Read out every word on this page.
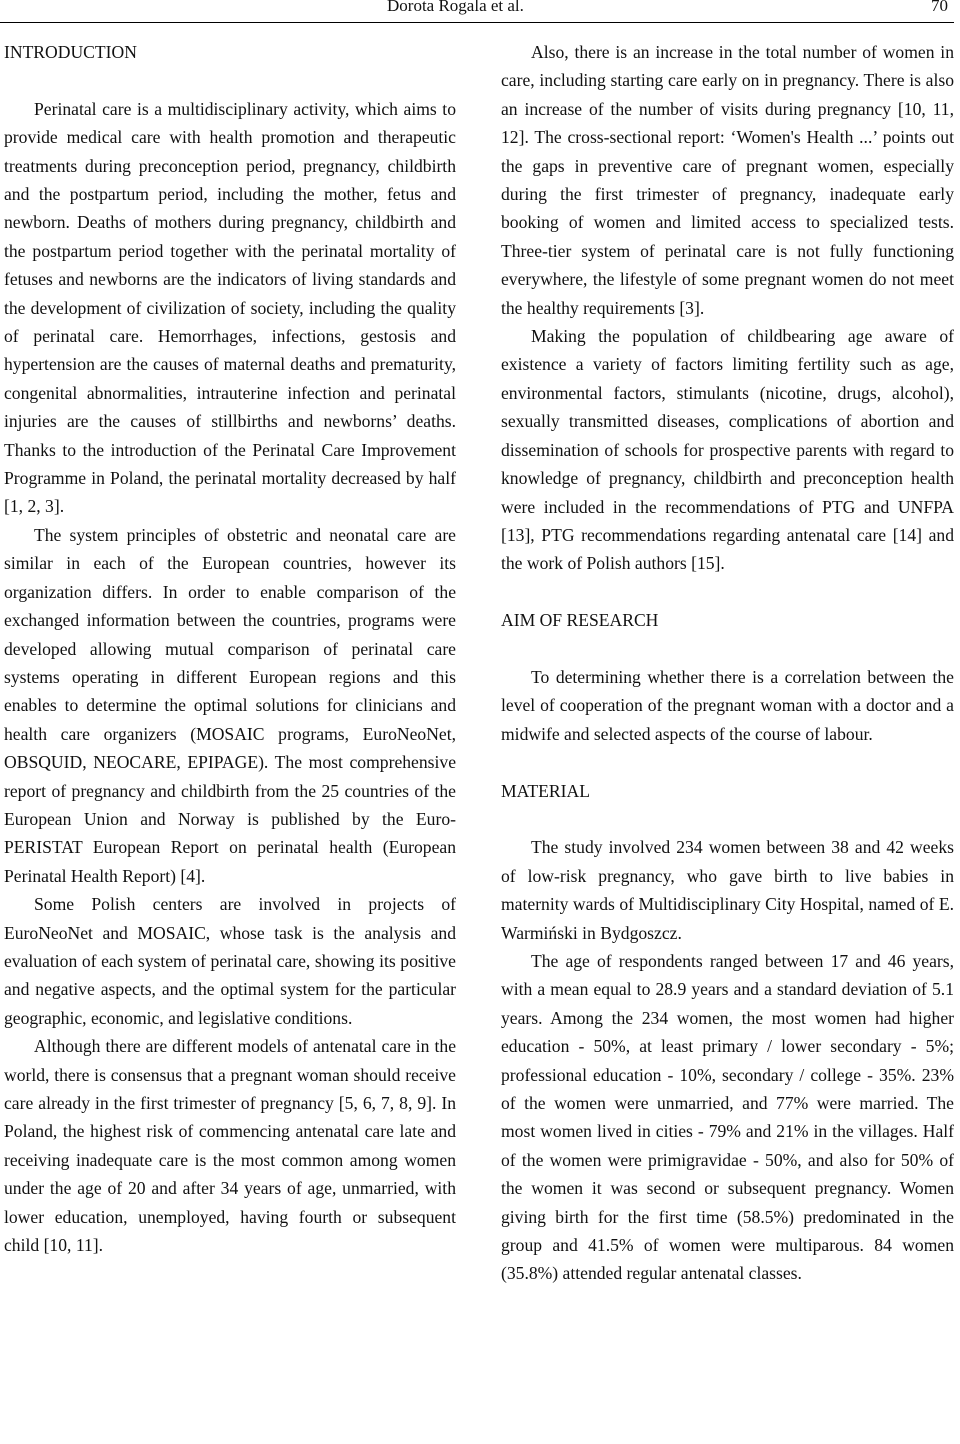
Dorota Rogala et al.	70
INTRODUCTION

Perinatal care is a multidisciplinary activity, which aims to provide medical care with health promotion and therapeutic treatments during preconception period, pregnancy, childbirth and the postpartum period, including the mother, fetus and newborn. Deaths of mothers during pregnancy, childbirth and the postpartum period together with the perinatal mortality of fetuses and newborns are the indicators of living standards and the development of civilization of society, including the quality of perinatal care. Hemorrhages, infections, gestosis and hypertension are the causes of maternal deaths and prematurity, congenital abnormalities, intrauterine infection and perinatal injuries are the causes of stillbirths and newborns’ deaths. Thanks to the introduction of the Perinatal Care Improvement Programme in Poland, the perinatal mortality decreased by half [1, 2, 3].

The system principles of obstetric and neonatal care are similar in each of the European countries, however its organization differs. In order to enable comparison of the exchanged information between the countries, programs were developed allowing mutual comparison of perinatal care systems operating in different European regions and this enables to determine the optimal solutions for clinicians and health care organizers (MOSAIC programs, EuroNeoNet, OBSQUID, NEOCARE, EPIPAGE). The most comprehensive report of pregnancy and childbirth from the 25 countries of the European Union and Norway is published by the Euro-PERISTAT European Report on perinatal health (European Perinatal Health Report) [4].

Some Polish centers are involved in projects of EuroNeoNet and MOSAIC, whose task is the analysis and evaluation of each system of perinatal care, showing its positive and negative aspects, and the optimal system for the particular geographic, economic, and legislative conditions.

Although there are different models of antenatal care in the world, there is consensus that a pregnant woman should receive care already in the first trimester of pregnancy [5, 6, 7, 8, 9]. In Poland, the highest risk of commencing antenatal care late and receiving inadequate care is the most common among women under the age of 20 and after 34 years of age, unmarried, with lower education, unemployed, having fourth or subsequent child [10, 11].

Also, there is an increase in the total number of women in care, including starting care early on in pregnancy. There is also an increase of the number of visits during pregnancy [10, 11, 12]. The cross-sectional report: ‘Women's Health ...’ points out the gaps in preventive care of pregnant women, especially during the first trimester of pregnancy, inadequate early booking of women and limited access to specialized tests. Three-tier system of perinatal care is not fully functioning everywhere, the lifestyle of some pregnant women do not meet the healthy requirements [3].

Making the population of childbearing age aware of existence a variety of factors limiting fertility such as age, environmental factors, stimulants (nicotine, drugs, alcohol), sexually transmitted diseases, complications of abortion and dissemination of schools for prospective parents with regard to knowledge of pregnancy, childbirth and preconception health were included in the recommendations of PTG and UNFPA [13], PTG recommendations regarding antenatal care [14] and the work of Polish authors [15].

AIM OF RESEARCH

To determining whether there is a correlation between the level of cooperation of the pregnant woman with a doctor and a midwife and selected aspects of the course of labour.

MATERIAL

The study involved 234 women between 38 and 42 weeks of low-risk pregnancy, who gave birth to live babies in maternity wards of Multidisciplinary City Hospital, named of E. Warmiński in Bydgoszcz.

The age of respondents ranged between 17 and 46 years, with a mean equal to 28.9 years and a standard deviation of 5.1 years. Among the 234 women, the most women had higher education - 50%, at least primary / lower secondary - 5%; professional education - 10%, secondary / college - 35%. 23% of the women were unmarried, and 77% were married. The most women lived in cities - 79% and 21% in the villages. Half of the women were primigravidae - 50%, and also for 50% of the women it was second or subsequent pregnancy. Women giving birth for the first time (58.5%) predominated in the group and 41.5% of women were multiparous. 84 women (35.8%) attended regular antenatal classes.
